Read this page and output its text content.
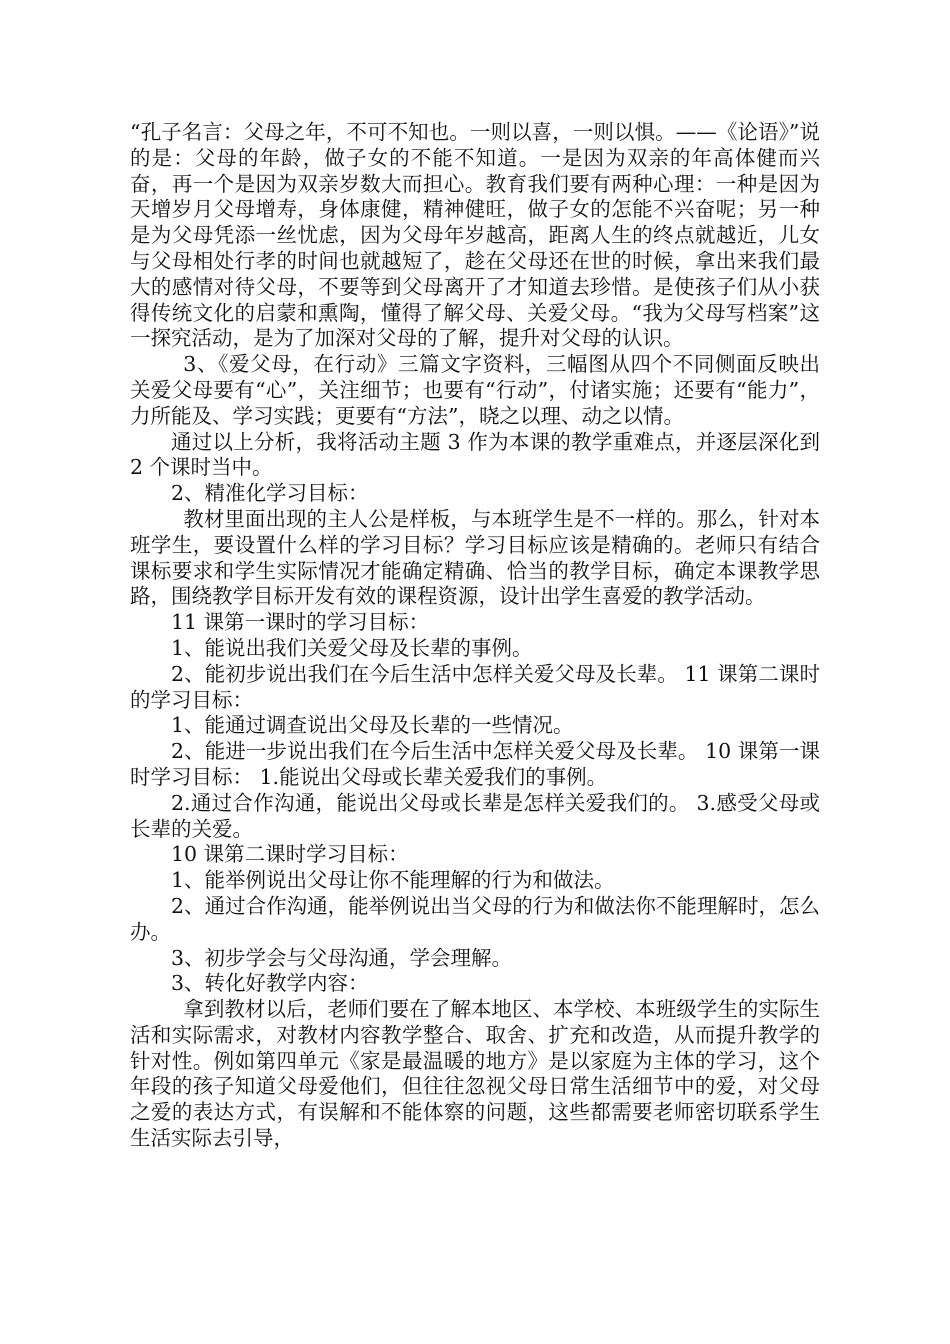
“孔子名言：父母之年，不可不知也。一则以喜，一则以惧。——《论语》”说的是：父母的年龄，做子女的不能不知道。一是因为双亲的年高体健而兴奋，再一个是因为双亲岁数大而担心。教育我们要有两种心理：一种是因为天增岁月父母增寿，身体康健，精神健旺，做子女的怎能不兴奋呢；另一种是为父母凭添一丝忧虑，因为父母年岁越高，距离人生的终点就越近，儿女与父母相处行孝的时间也就越短了，趁在父母还在世的时候，拿出来我们最大的感情对待父母，不要等到父母离开了才知道去珍惜。是使孩子们从小获得传统文化的启蒙和熏陶，懂得了解父母、关爱父母。“我为父母写档案”这一探究活动，是为了加深对父母的了解，提升对父母的认识。

3、《爱父母，在行动》三篇文字资料，三幅图从四个不同侧面反映出关爱父母要有“心”，关注细节；也要有“行动”，付诸实施；还要有“能力”，力所能及、学习实践；更要有“方法”，晓之以理、动之以情。

通过以上分析，我将活动主题 3 作为本课的教学重难点，并逐层深化到 2 个课时当中。

2、精准化学习目标：

教材里面出现的主人公是样板，与本班学生是不一样的。那么，针对本班学生，要设置什么样的学习目标？学习目标应该是精确的。老师只有结合课标要求和学生实际情况才能确定精确、恰当的教学目标，确定本课教学思路，围绕教学目标开发有效的课程资源，设计出学生喜爱的教学活动。

11 课第一课时的学习目标：

1、能说出我们关爱父母及长辈的事例。

2、能初步说出我们在今后生活中怎样关爱父母及长辈。 11 课第二课时的学习目标：

1、能通过调查说出父母及长辈的一些情况。

2、能进一步说出我们在今后生活中怎样关爱父母及长辈。 10 课第一课时学习目标： 1.能说出父母或长辈关爱我们的事例。

2.通过合作沟通，能说出父母或长辈是怎样关爱我们的。 3.感受父母或长辈的关爱。

10 课第二课时学习目标：

1、能举例说出父母让你不能理解的行为和做法。

2、通过合作沟通，能举例说出当父母的行为和做法你不能理解时，怎么办。

3、初步学会与父母沟通，学会理解。

3、转化好教学内容：

拿到教材以后，老师们要在了解本地区、本学校、本班级学生的实际生活和实际需求，对教材内容教学整合、取舍、扩充和改造，从而提升教学的针对性。例如第四单元《家是最温暖的地方》是以家庭为主体的学习，这个年段的孩子知道父母爱他们，但往往忽视父母日常生活细节中的爱，对父母之爱的表达方式，有误解和不能体察的问题，这些都需要老师密切联系学生生活实际去引导，
